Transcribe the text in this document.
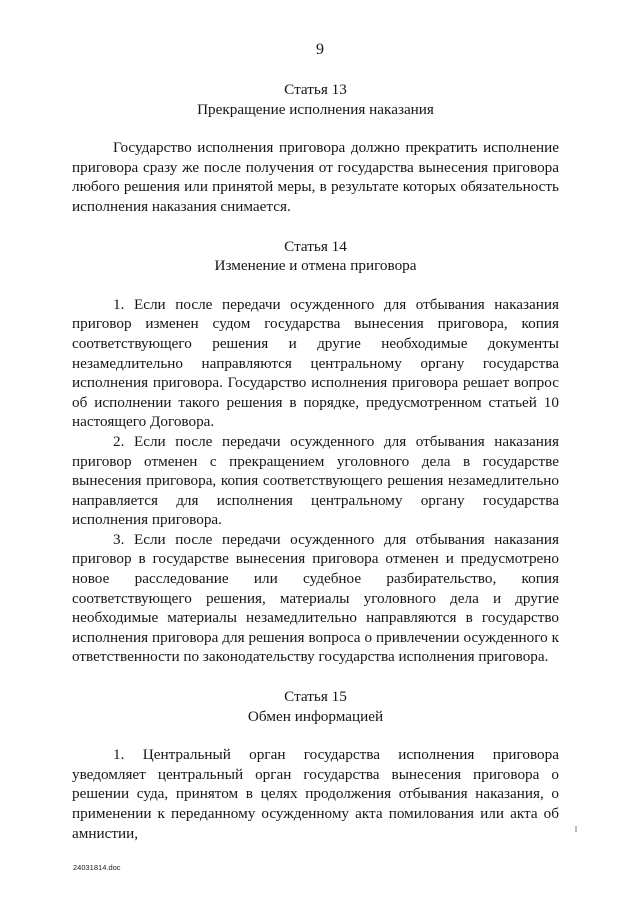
9
Статья 13
Прекращение исполнения наказания

Государство исполнения приговора должно прекратить исполнение приговора сразу же после получения от государства вынесения приговора любого решения или принятой меры, в результате которых обязательность исполнения наказания снимается.

Статья 14
Изменение и отмена приговора

1. Если после передачи осужденного для отбывания наказания приговор изменен судом государства вынесения приговора, копия соответствующего решения и другие необходимые документы незамедлительно направляются центральному органу государства исполнения приговора. Государство исполнения приговора решает вопрос об исполнении такого решения в порядке, предусмотренном статьей 10 настоящего Договора.

2. Если после передачи осужденного для отбывания наказания приговор отменен с прекращением уголовного дела в государстве вынесения приговора, копия соответствующего решения незамедлительно направляется для исполнения центральному органу государства исполнения приговора.

3. Если после передачи осужденного для отбывания наказания приговор в государстве вынесения приговора отменен и предусмотрено новое расследование или судебное разбирательство, копия соответствующего решения, материалы уголовного дела и другие необходимые материалы незамедлительно направляются в государство исполнения приговора для решения вопроса о привлечении осужденного к ответственности по законодательству государства исполнения приговора.

Статья 15
Обмен информацией

1. Центральный орган государства исполнения приговора уведомляет центральный орган государства вынесения приговора о решении суда, принятом в целях продолжения отбывания наказания, о применении к переданному осужденному акта помилования или акта об амнистии,

24031814.doc
